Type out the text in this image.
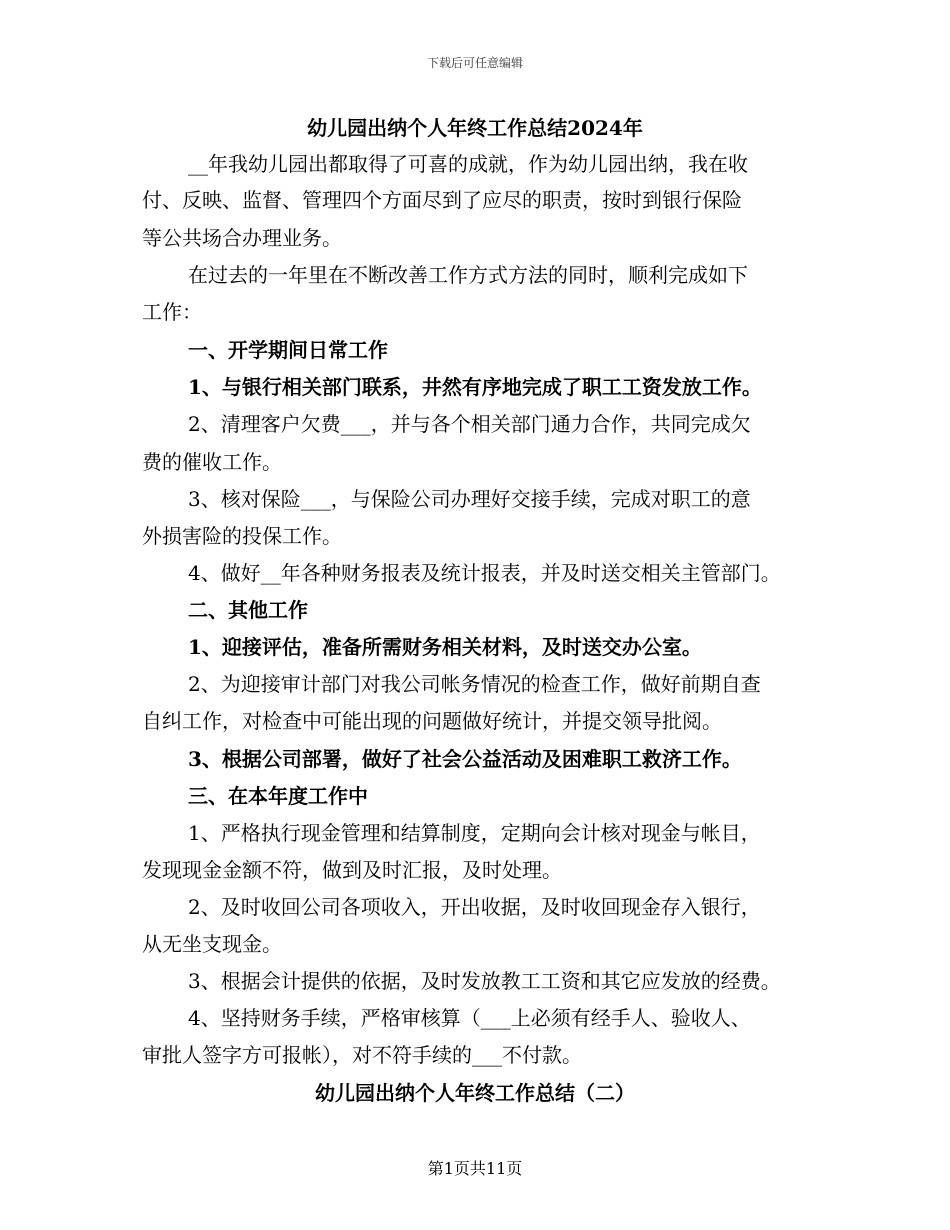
下载后可任意编辑
幼儿园出纳个人年终工作总结2024年
__年我幼儿园出都取得了可喜的成就，作为幼儿园出纳，我在收
付、反映、监督、管理四个方面尽到了应尽的职责，按时到银行保险
等公共场合办理业务。
在过去的一年里在不断改善工作方式方法的同时，顺利完成如下
工作：
一、开学期间日常工作
1、与银行相关部门联系，井然有序地完成了职工工资发放工作。
2、清理客户欠费___，并与各个相关部门通力合作，共同完成欠
费的催收工作。
3、核对保险___，与保险公司办理好交接手续，完成对职工的意
外损害险的投保工作。
4、做好__年各种财务报表及统计报表，并及时送交相关主管部门。
二、其他工作
1、迎接评估，准备所需财务相关材料，及时送交办公室。
2、为迎接审计部门对我公司帐务情况的检查工作，做好前期自查
自纠工作，对检查中可能出现的问题做好统计，并提交领导批阅。
3、根据公司部署，做好了社会公益活动及困难职工救济工作。
三、在本年度工作中
1、严格执行现金管理和结算制度，定期向会计核对现金与帐目，
发现现金金额不符，做到及时汇报，及时处理。
2、及时收回公司各项收入，开出收据，及时收回现金存入银行，
从无坐支现金。
3、根据会计提供的依据，及时发放教工工资和其它应发放的经费。
4、坚持财务手续，严格审核算（___上必须有经手人、验收人、
审批人签字方可报帐），对不符手续的___不付款。
幼儿园出纳个人年终工作总结（二）
第1页共11页
